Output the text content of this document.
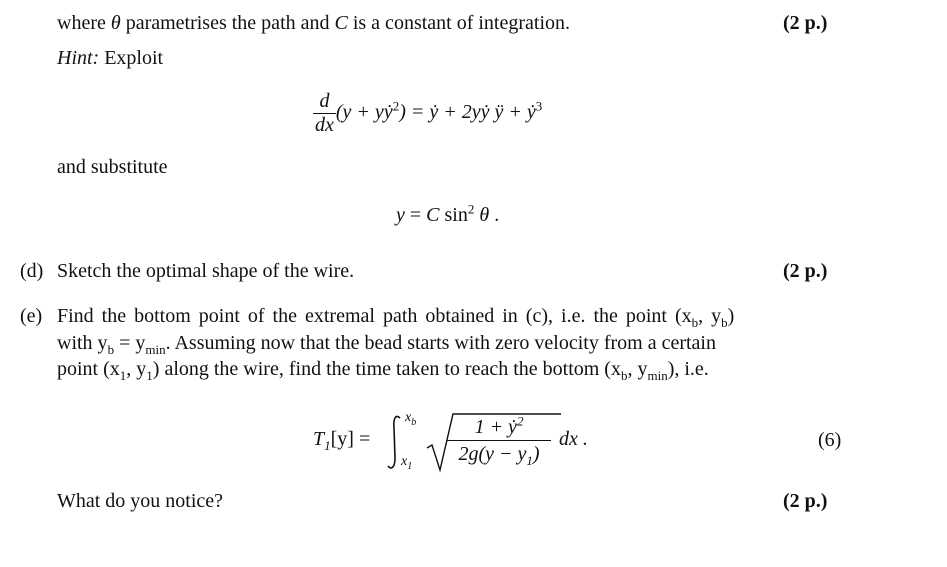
where θ parametrises the path and C is a constant of integration.	(2 p.)
Hint: Exploit
$\frac{d}{dx} (y$ + yẏ$^2$) = ẏ + 2yẏ ÿ + ẏ$^3$
and substitute
y = C $\sin^2 \theta$ .
(d) Sketch the optimal shape of the wire.	(2 p.)
(e) Find the bottom point of the extremal path obtained in (c), i.e. the point ($x_b$, $y_b$)
with $y_b = y_{min}$. Assuming now that the bead starts with zero velocity from a certain
point ($x_1$, $y_1$) along the wire, find the time taken to reach the bottom ($x_b$, $y_{min}$), i.e.
$T_1[y]$ =
$x_b$
$x_1$
1 + ẏ$^2$
$2g(y - y_1)$
dx .	(6)
What do you notice?	(2 p.)
